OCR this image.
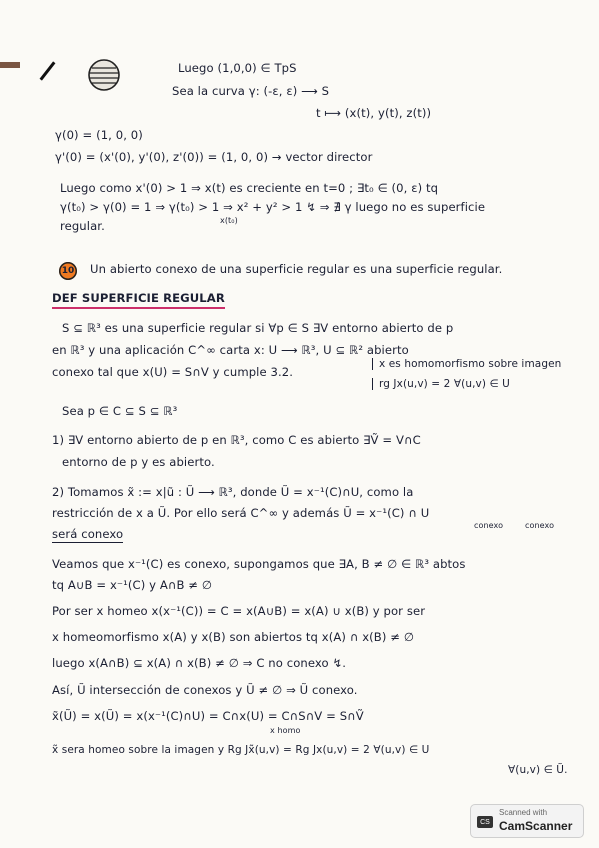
Luego (1,0,0) ∈ TpS
Sea la curva γ: (-ε, ε) ⟶ S
t ⟼ (x(t), y(t), z(t))
γ(0) = (1, 0, 0)
γ'(0) = (x'(0), y'(0), z'(0)) = (1, 0, 0) → vector director
Luego como x'(0) > 1 ⇒ x(t) es creciente en t=0 ; ∃t₀ ∈ (0, ε) tq
γ(t₀) > γ(0) = 1 ⇒ γ(t₀) > 1 ⇒ x² + y² > 1 ↯ ⇒ ∄ γ luego no es superficie
x(t₀)
regular.
10 Un abierto conexo de una superficie regular es una superficie regular.
DEF SUPERFICIE REGULAR
S ⊆ ℝ³ es una superficie regular si ∀p ∈ S ∃V entorno abierto de p
en ℝ³ y una aplicación C^∞ carta x: U ⟶ ℝ³, U ⊆ ℝ² abierto
conexo tal que x(U) = S∩V y cumple 3.2.
x es homomorfismo sobre imagen
rg Jx(u,v) = 2 ∀(u,v) ∈ U
Sea p ∈ C ⊆ S ⊆ ℝ³
1) ∃V entorno abierto de p en ℝ³, como C es abierto ∃Ṽ = V∩C
entorno de p y es abierto.
2) Tomamos x̃ := x|ũ : Ũ ⟶ ℝ³, donde Ũ = x⁻¹(C)∩U, como la
restricción de x a Ũ. Por ello será C^∞ y además Ũ = x⁻¹(C) ∩ U
conexo	conexo
será conexo
Veamos que x⁻¹(C) es conexo, supongamos que ∃A, B ≠ ∅ ∈ ℝ³ abtos
tq A∪B = x⁻¹(C) y A∩B ≠ ∅
Por ser x homeo x(x⁻¹(C)) = C = x(A∪B) = x(A) ∪ x(B) y por ser
x homeomorfismo x(A) y x(B) son abiertos tq x(A) ∩ x(B) ≠ ∅
luego x(A∩B) ⊆ x(A) ∩ x(B) ≠ ∅ ⇒ C no conexo ↯.
Así, Ũ intersección de conexos y Ũ ≠ ∅ ⇒ Ũ conexo.
x̃(Ũ) = x(Ũ) = x(x⁻¹(C)∩U) = C∩x(U) = C∩S∩V = S∩Ṽ
x homo
x̃ sera homeo sobre la imagen y Rg Jx̃(u,v) = Rg Jx(u,v) = 2 ∀(u,v) ∈ U
∀(u,v) ∈ Ũ.
CS
Scanned with
CamScanner
